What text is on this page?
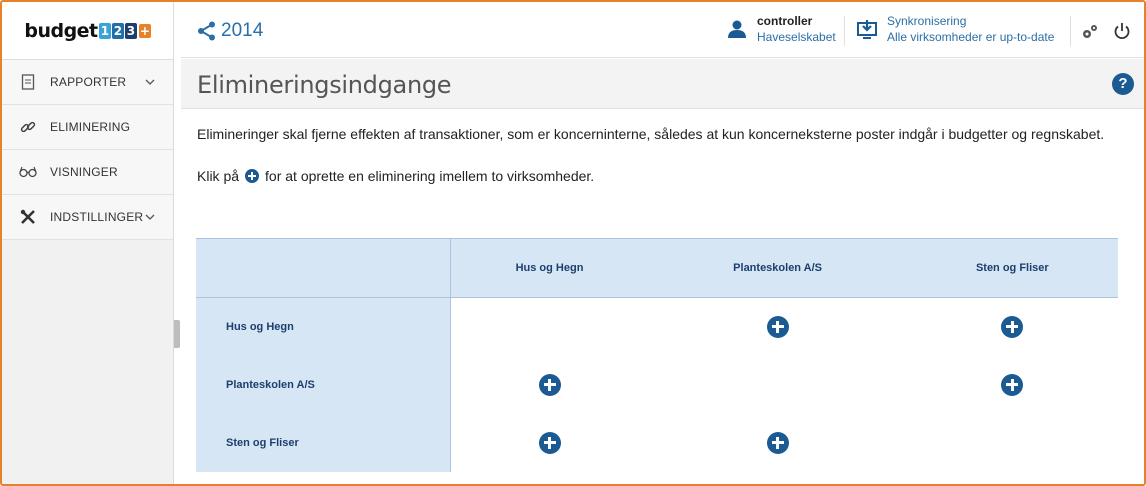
budget 1 2 3 +
RAPPORTER
ELIMINERING
VISNINGER
INDSTILLINGER
2014	controller
Haveselskabet
Synkronisering
Alle virksomheder er up-to-date
Elimineringsindgange	?

Elimineringer skal fjerne effekten af transaktioner, som er koncerninterne, således at kun koncerneksterne poster indgår i budgetter og regnskabet.

Klik på for at oprette en eliminering imellem to virksomheder.

	Hus og Hegn	Planteskolen A/S	Sten og Fliser
Hus og Hegn			
Planteskolen A/S			
Sten og Fliser			
